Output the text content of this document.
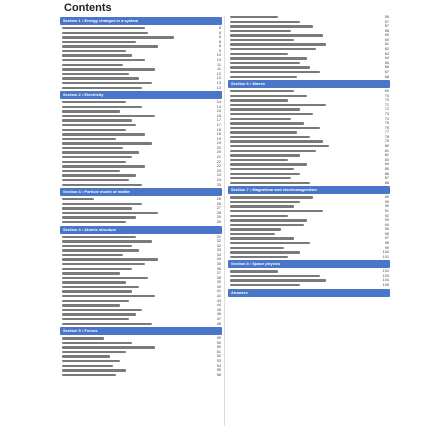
Contents
Section 1 • Energy changes in a system
8
8
8
8
8
9
10
10
11
11
12
12
13
13
Section 2 • Electricity
14
14
15
16
17
17
18
18
19
19
20
20
21
22
22
23
24
24
25
Section 3 • Particle model of matter
26
26
27
28
29
30
Section 4 • Atomic structure
31
32
32
33
34
34
35
36
37
38
39
40
41
42
43
44
45
46
47
48
Section 5 • Forces
49
50
50
51
52
53
54
55
56
56
57
57
58
59
60
61
62
63
64
65
66
67
68
Section 6 • Waves
69
70
70
71
72
73
74
75
76
77
78
79
80
81
82
83
84
85
86
87
88
Section 7 • Magnetism and electromagnetism
89
90
90
91
92
93
94
95
96
97
98
99
100
101
Section 8 • Space physics
102
103
104
105
Answers
